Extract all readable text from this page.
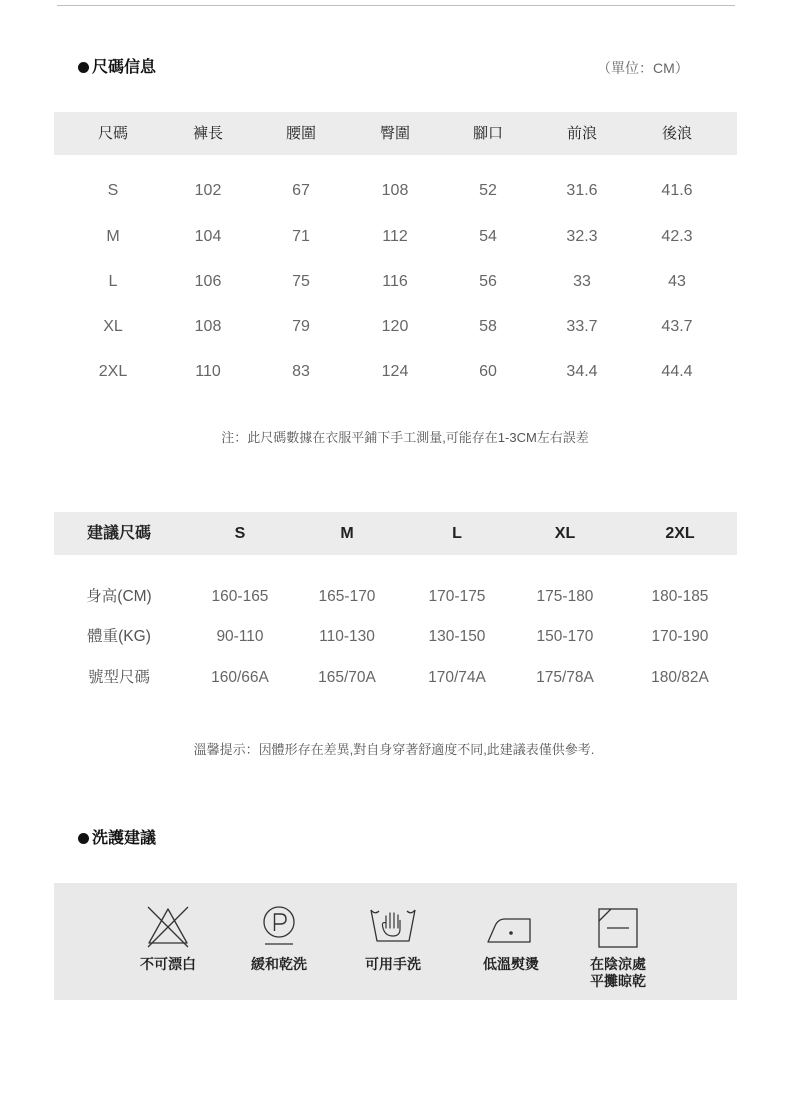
尺碼信息	（單位：CM）
尺碼	褲長	腰圍	臀圍	腳口	前浪	後浪
S	102	67	108	52	31.6	41.6
M	104	71	112	54	32.3	42.3
L	106	75	116	56	33	43
XL	108	79	120	58	33.7	43.7
2XL	110	83	124	60	34.4	44.4
注：此尺碼數據在衣服平鋪下手工測量,可能存在1-3CM左右誤差
建議尺碼	S	M	L	XL	2XL
身高(CM)	160-165	165-170	170-175	175-180	180-185
體重(KG)	90-110	110-130	130-150	150-170	170-190
號型尺碼	160/66A	165/70A	170/74A	175/78A	180/82A
溫馨提示：因體形存在差異,對自身穿著舒適度不同,此建議表僅供參考.
洗護建議
不可漂白	緩和乾洗	可用手洗	低溫熨燙	在陰涼處
平攤晾乾
